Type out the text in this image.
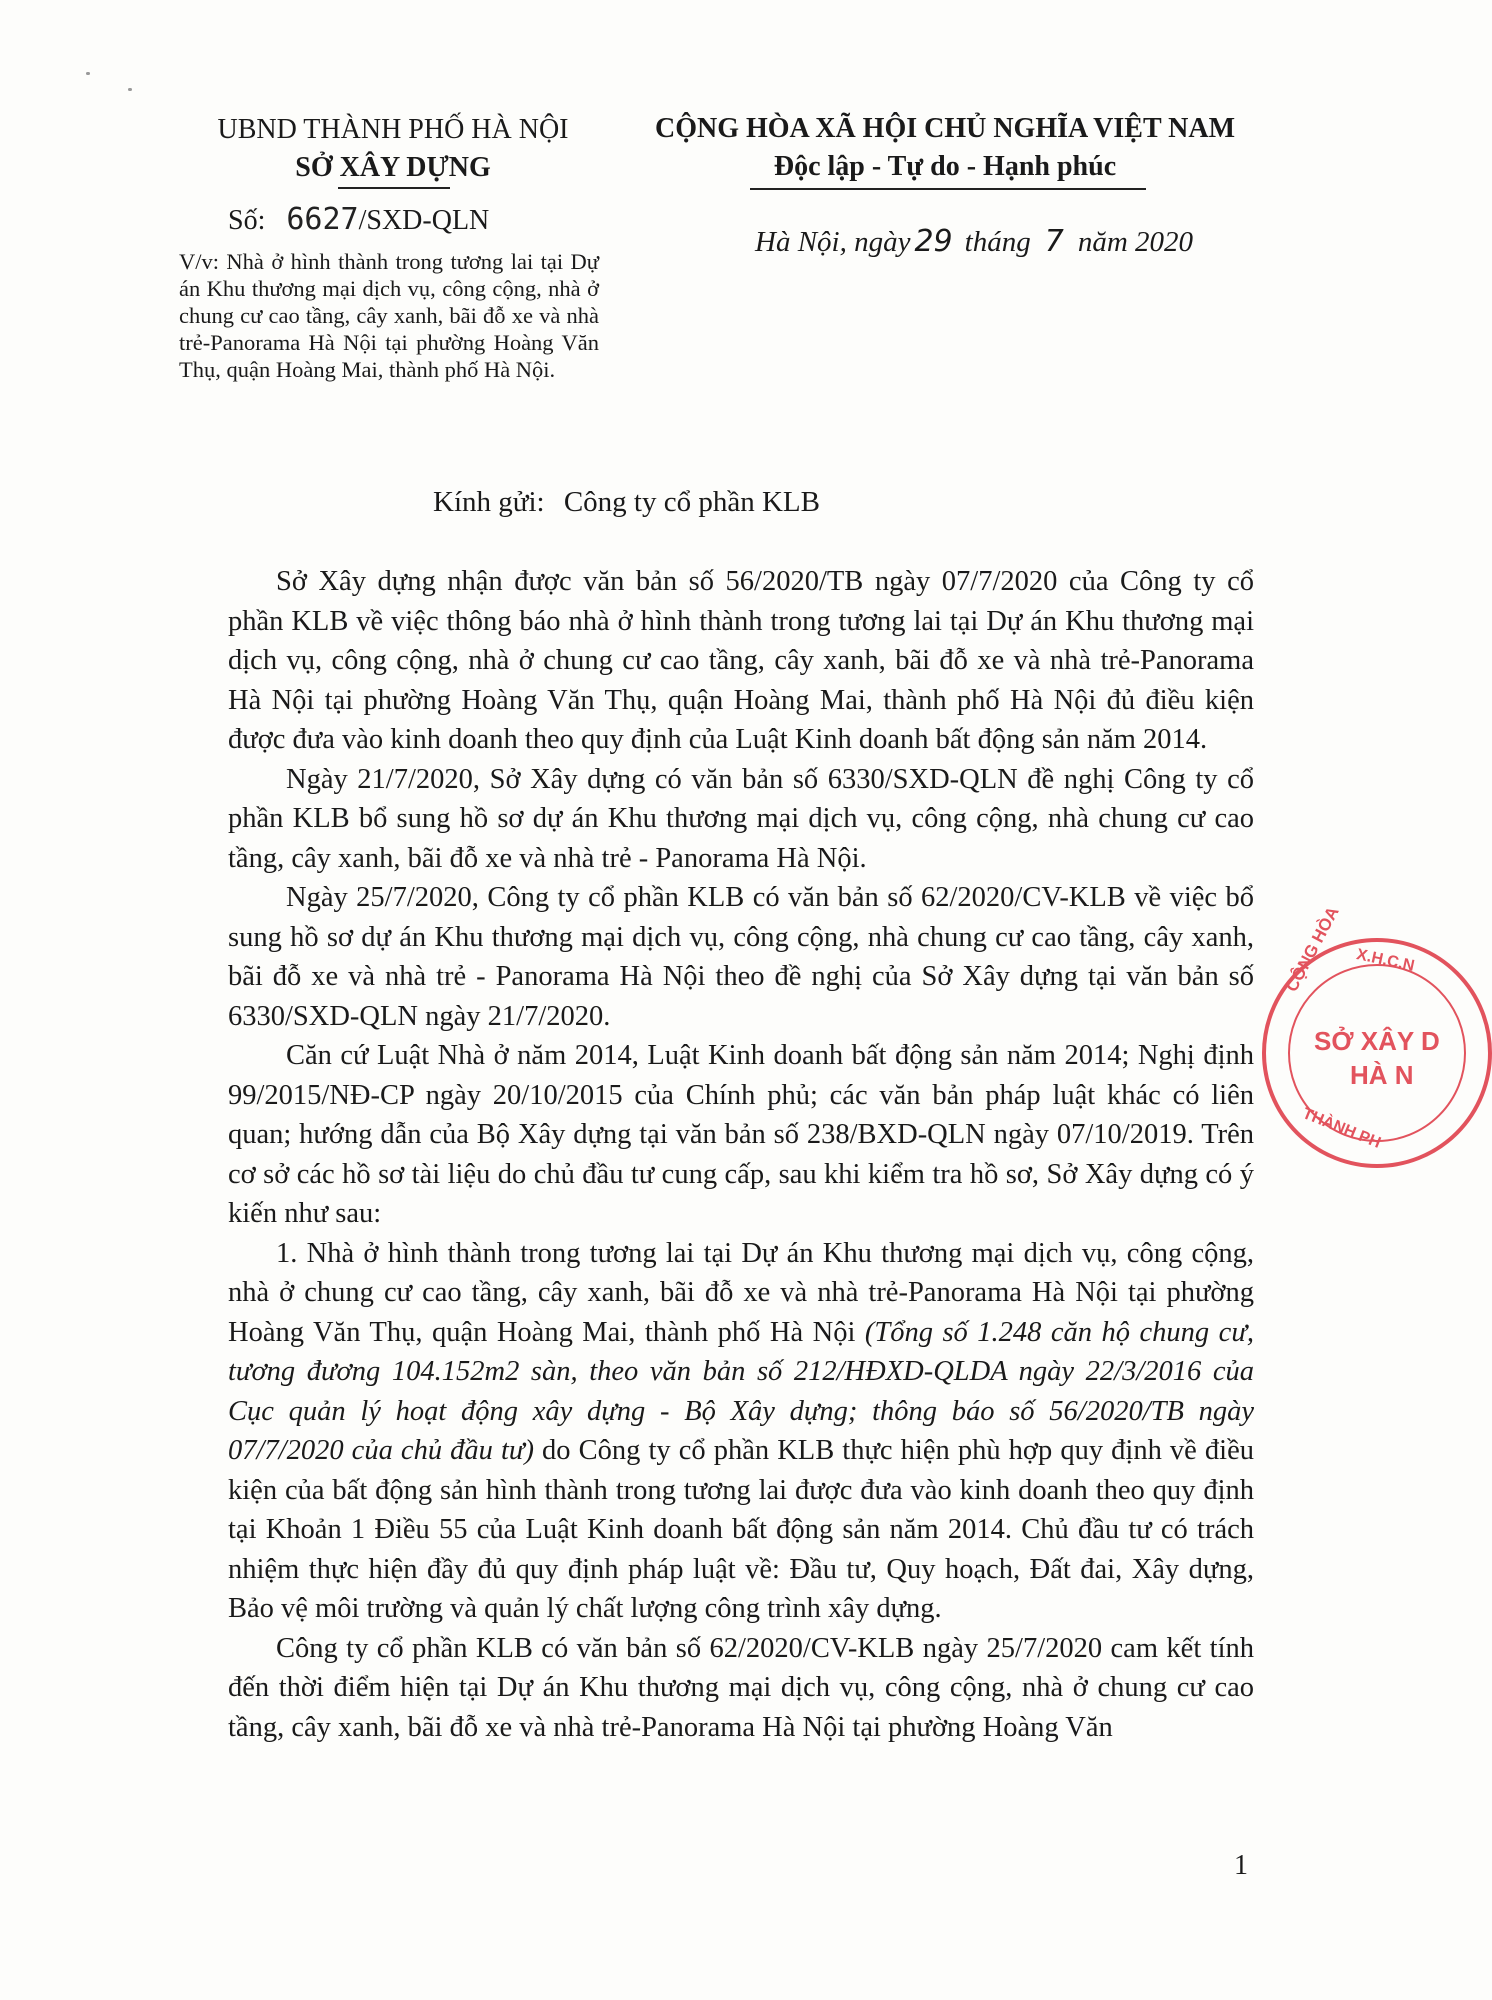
UBND THÀNH PHỐ HÀ NỘI
SỞ XÂY DỰNG
Số: 6627/SXD-QLN
V/v: Nhà ở hình thành trong tương lai tại Dự án Khu thương mại dịch vụ, công cộng, nhà ở chung cư cao tầng, cây xanh, bãi đỗ xe và nhà trẻ-Panorama Hà Nội tại phường Hoàng Văn Thụ, quận Hoàng Mai, thành phố Hà Nội.
CỘNG HÒA XÃ HỘI CHỦ NGHĨA VIỆT NAM
Độc lập - Tự do - Hạnh phúc
Hà Nội, ngày 29 tháng 7 năm 2020
Kính gửi: Công ty cổ phần KLB

Sở Xây dựng nhận được văn bản số 56/2020/TB ngày 07/7/2020 của Công ty cổ phần KLB về việc thông báo nhà ở hình thành trong tương lai tại Dự án Khu thương mại dịch vụ, công cộng, nhà ở chung cư cao tầng, cây xanh, bãi đỗ xe và nhà trẻ-Panorama Hà Nội tại phường Hoàng Văn Thụ, quận Hoàng Mai, thành phố Hà Nội đủ điều kiện được đưa vào kinh doanh theo quy định của Luật Kinh doanh bất động sản năm 2014.

Ngày 21/7/2020, Sở Xây dựng có văn bản số 6330/SXD-QLN đề nghị Công ty cổ phần KLB bổ sung hồ sơ dự án Khu thương mại dịch vụ, công cộng, nhà chung cư cao tầng, cây xanh, bãi đỗ xe và nhà trẻ - Panorama Hà Nội.

Ngày 25/7/2020, Công ty cổ phần KLB có văn bản số 62/2020/CV-KLB về việc bổ sung hồ sơ dự án Khu thương mại dịch vụ, công cộng, nhà chung cư cao tầng, cây xanh, bãi đỗ xe và nhà trẻ - Panorama Hà Nội theo đề nghị của Sở Xây dựng tại văn bản số 6330/SXD-QLN ngày 21/7/2020.

Căn cứ Luật Nhà ở năm 2014, Luật Kinh doanh bất động sản năm 2014; Nghị định 99/2015/NĐ-CP ngày 20/10/2015 của Chính phủ; các văn bản pháp luật khác có liên quan; hướng dẫn của Bộ Xây dựng tại văn bản số 238/BXD-QLN ngày 07/10/2019. Trên cơ sở các hồ sơ tài liệu do chủ đầu tư cung cấp, sau khi kiểm tra hồ sơ, Sở Xây dựng có ý kiến như sau:

1. Nhà ở hình thành trong tương lai tại Dự án Khu thương mại dịch vụ, công cộng, nhà ở chung cư cao tầng, cây xanh, bãi đỗ xe và nhà trẻ-Panorama Hà Nội tại phường Hoàng Văn Thụ, quận Hoàng Mai, thành phố Hà Nội (Tổng số 1.248 căn hộ chung cư, tương đương 104.152m2 sàn, theo văn bản số 212/HĐXD-QLDA ngày 22/3/2016 của Cục quản lý hoạt động xây dựng - Bộ Xây dựng; thông báo số 56/2020/TB ngày 07/7/2020 của chủ đầu tư) do Công ty cổ phần KLB thực hiện phù hợp quy định về điều kiện của bất động sản hình thành trong tương lai được đưa vào kinh doanh theo quy định tại Khoản 1 Điều 55 của Luật Kinh doanh bất động sản năm 2014. Chủ đầu tư có trách nhiệm thực hiện đầy đủ quy định pháp luật về: Đầu tư, Quy hoạch, Đất đai, Xây dựng, Bảo vệ môi trường và quản lý chất lượng công trình xây dựng.

Công ty cổ phần KLB có văn bản số 62/2020/CV-KLB ngày 25/7/2020 cam kết tính đến thời điểm hiện tại Dự án Khu thương mại dịch vụ, công cộng, nhà ở chung cư cao tầng, cây xanh, bãi đỗ xe và nhà trẻ-Panorama Hà Nội tại phường Hoàng Văn

CỘNG HÒA X.H.C.N
SỞ XÂY D
HÀ N
THÀNH PH
1
